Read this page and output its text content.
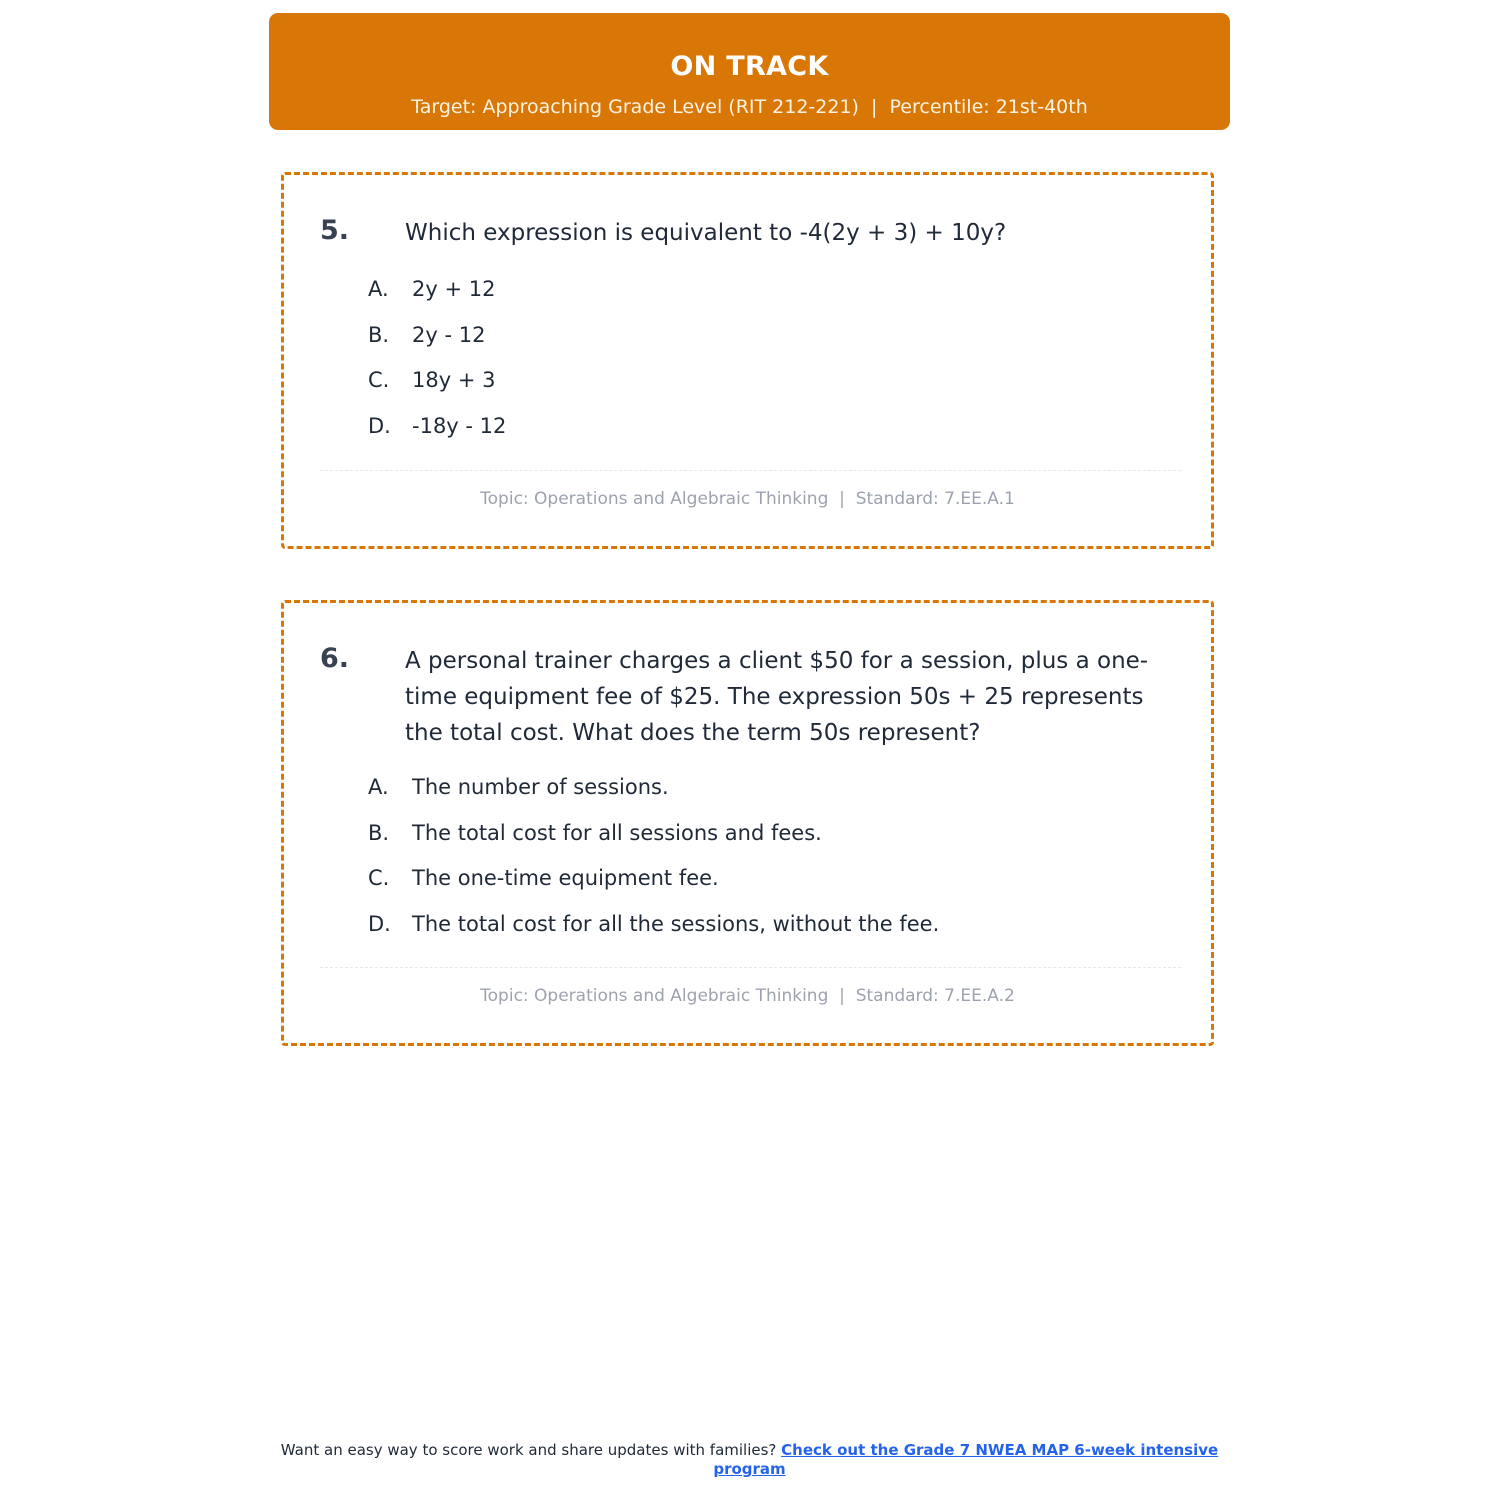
ON TRACK
Target: Approaching Grade Level (RIT 212-221)  |  Percentile: 21st-40th
5. Which expression is equivalent to -4(2y + 3) + 10y?
A.	2y + 12
B.	2y - 12
C.	18y + 3
D.	-18y - 12
Topic: Operations and Algebraic Thinking  |  Standard: 7.EE.A.1
6. A personal trainer charges a client $50 for a session, plus a one-time equipment fee of $25. The expression 50s + 25 represents the total cost. What does the term 50s represent?
A.	The number of sessions.
B.	The total cost for all sessions and fees.
C.	The one-time equipment fee.
D.	The total cost for all the sessions, without the fee.
Topic: Operations and Algebraic Thinking  |  Standard: 7.EE.A.2
Want an easy way to score work and share updates with families? Check out the Grade 7 NWEA MAP 6-week intensive program
